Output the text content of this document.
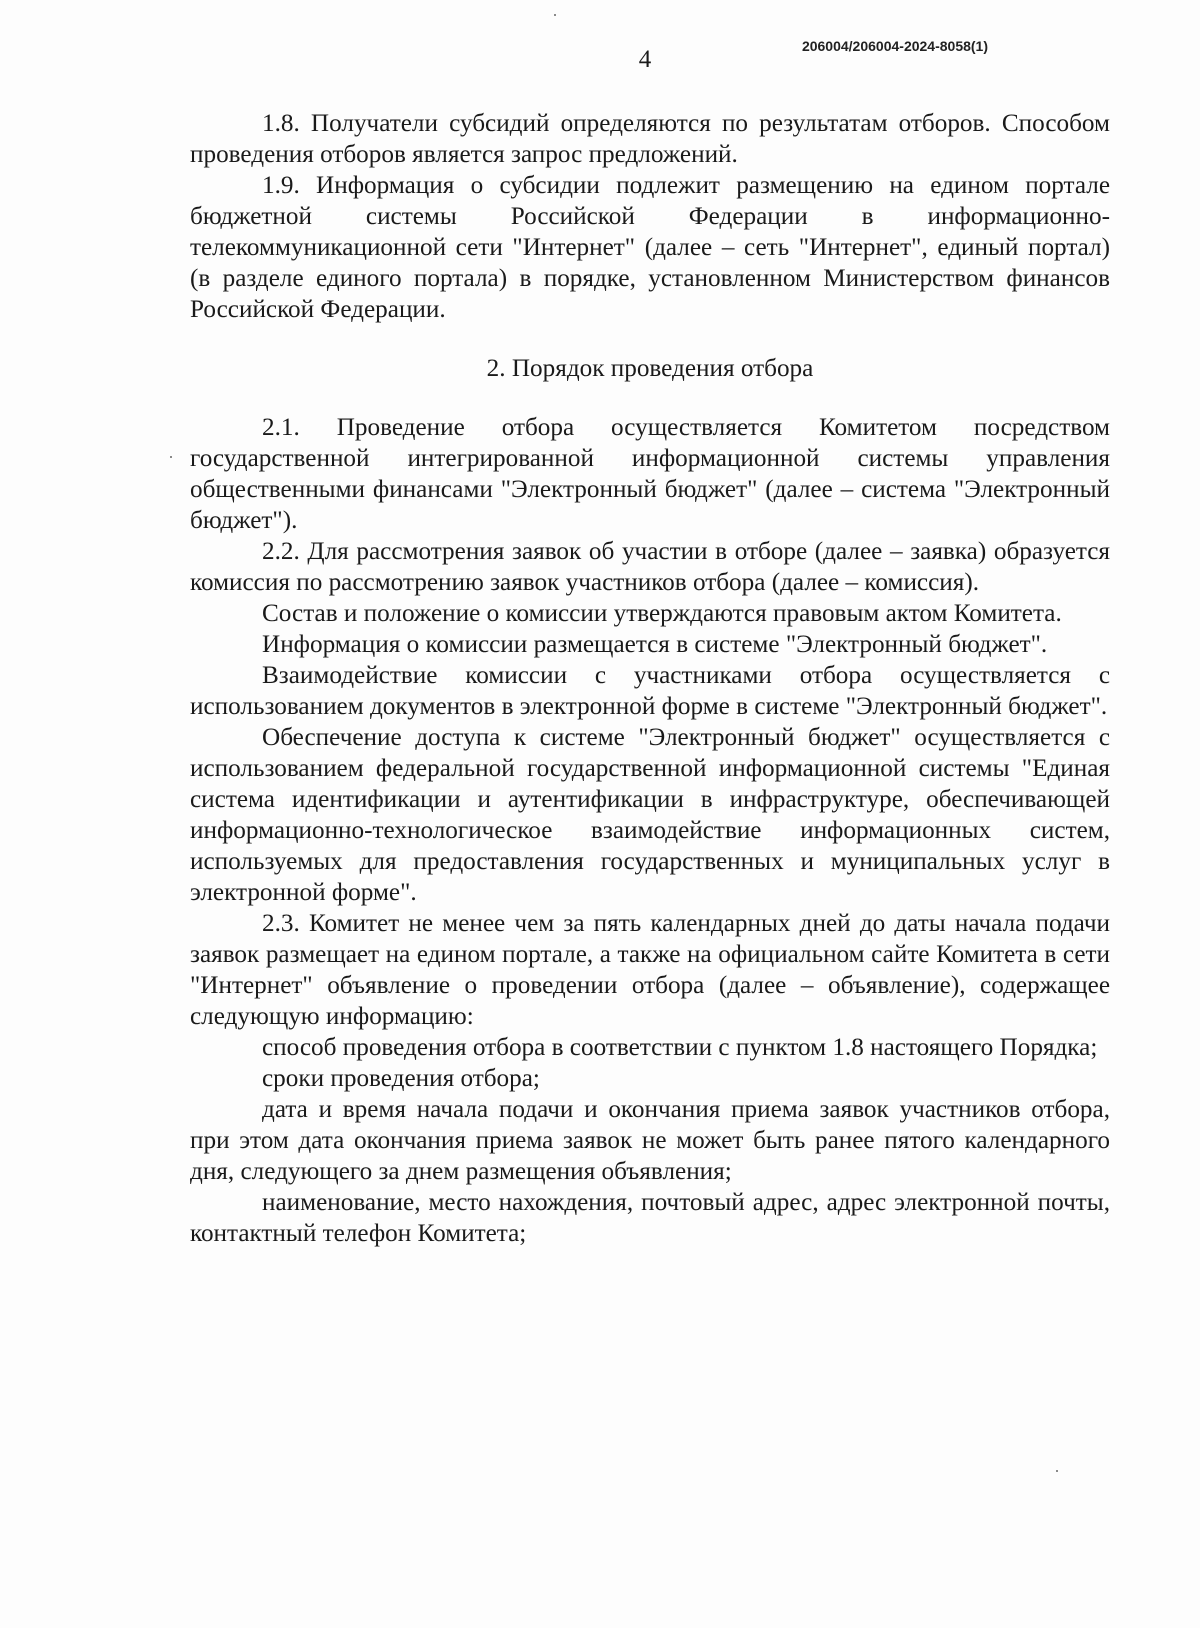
4	206004/206004-2024-8058(1)

1.8. Получатели субсидий определяются по результатам отборов. Способом проведения отборов является запрос предложений.

1.9. Информация о субсидии подлежит размещению на едином портале бюджетной системы Российской Федерации в информационно-телекоммуникационной сети "Интернет" (далее – сеть "Интернет", единый портал) (в разделе единого портала) в порядке, установленном Министерством финансов Российской Федерации.

2. Порядок проведения отбора

2.1. Проведение отбора осуществляется Комитетом посредством государственной интегрированной информационной системы управления общественными финансами "Электронный бюджет" (далее – система "Электронный бюджет").

2.2. Для рассмотрения заявок об участии в отборе (далее – заявка) образуется комиссия по рассмотрению заявок участников отбора (далее – комиссия).

Состав и положение о комиссии утверждаются правовым актом Комитета.

Информация о комиссии размещается в системе "Электронный бюджет".

Взаимодействие комиссии с участниками отбора осуществляется с использованием документов в электронной форме в системе "Электронный бюджет".

Обеспечение доступа к системе "Электронный бюджет" осуществляется с использованием федеральной государственной информационной системы "Единая система идентификации и аутентификации в инфраструктуре, обеспечивающей информационно-технологическое взаимодействие информационных систем, используемых для предоставления государственных и муниципальных услуг в электронной форме".

2.3. Комитет не менее чем за пять календарных дней до даты начала подачи заявок размещает на едином портале, а также на официальном сайте Комитета в сети "Интернет" объявление о проведении отбора (далее – объявление), содержащее следующую информацию:

способ проведения отбора в соответствии с пунктом 1.8 настоящего Порядка;

сроки проведения отбора;

дата и время начала подачи и окончания приема заявок участников отбора, при этом дата окончания приема заявок не может быть ранее пятого календарного дня, следующего за днем размещения объявления;

наименование, место нахождения, почтовый адрес, адрес электронной почты, контактный телефон Комитета;
